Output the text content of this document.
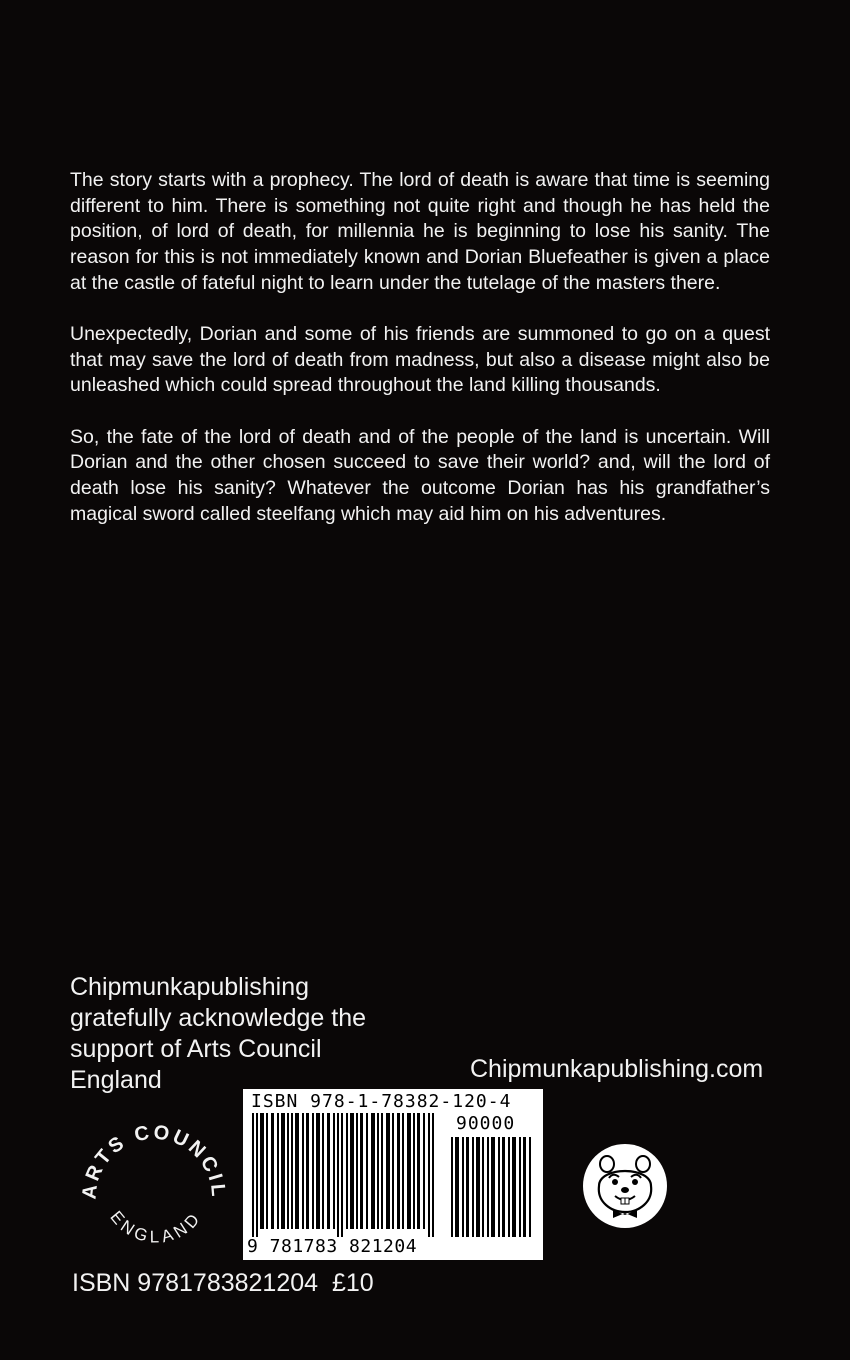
The story starts with a prophecy. The lord of death is aware that time is seeming different to him. There is something not quite right and though he has held the position, of lord of death, for millennia he is beginning to lose his sanity. The reason for this is not immediately known and Dorian Bluefeather is given a place at the castle of fateful night to learn under the tutelage of the masters there.

Unexpectedly, Dorian and some of his friends are summoned to go on a quest that may save the lord of death from madness, but also a disease might also be unleashed which could spread throughout the land killing thousands.

So, the fate of the lord of death and of the people of the land is uncertain. Will Dorian and the other chosen succeed to save their world? and, will the lord of death lose his sanity? Whatever the outcome Dorian has his grandfather’s magical sword called steelfang which may aid him on his adventures.

Chipmunkapublishing gratefully acknowledge the support of Arts Council England	Chipmunkapublishing.com
ARTS COUNCIL
ENGLAND
ISBN 978-1-78382-120-4
90000
9 781783 821204
ISBN 9781783821204 £10
